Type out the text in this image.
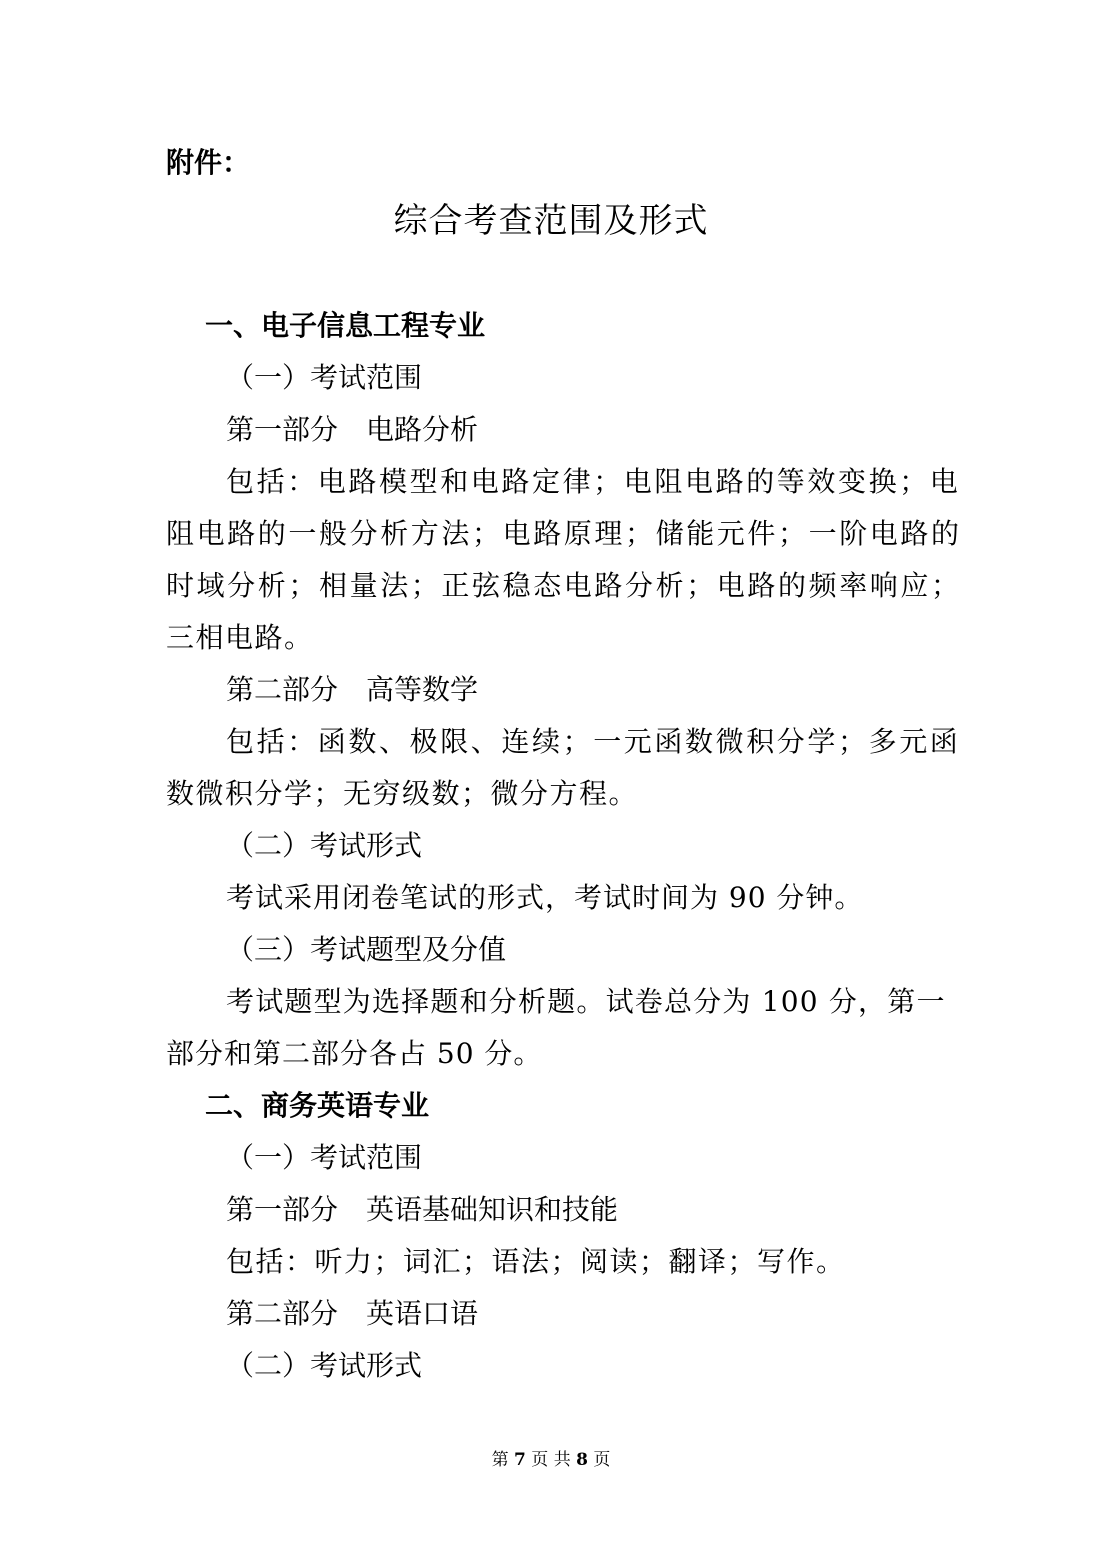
附件：
综合考查范围及形式
一、电子信息工程专业
（一）考试范围
第一部分　电路分析
包括：电路模型和电路定律；电阻电路的等效变换；电
阻电路的一般分析方法；电路原理；储能元件；一阶电路的
时域分析；相量法；正弦稳态电路分析；电路的频率响应；
三相电路。
第二部分　高等数学
包括：函数、极限、连续；一元函数微积分学；多元函
数微积分学；无穷级数；微分方程。
（二）考试形式
考试采用闭卷笔试的形式，考试时间为 90 分钟。
（三）考试题型及分值
考试题型为选择题和分析题。试卷总分为 100 分，第一
部分和第二部分各占 50 分。
二、商务英语专业
（一）考试范围
第一部分　英语基础知识和技能
包括：听力；词汇；语法；阅读；翻译；写作。
第二部分　英语口语
（二）考试形式
第 7 页 共 8 页
